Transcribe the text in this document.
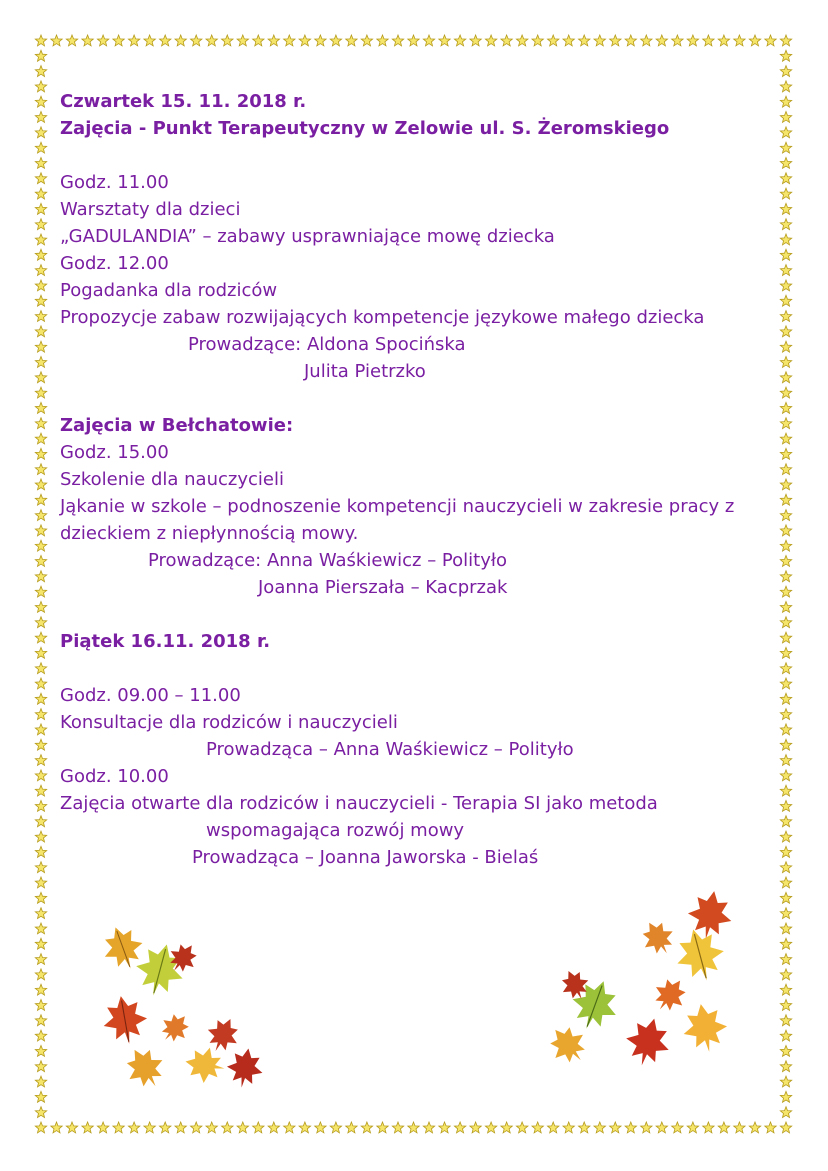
Czwartek 15. 11. 2018 r.
Zajęcia - Punkt Terapeutyczny w Zelowie ul. S. Żeromskiego
Godz. 11.00
Warsztaty dla dzieci
„GADULANDIA” – zabawy usprawniające mowę dziecka
Godz. 12.00
Pogadanka dla rodziców
Propozycje zabaw rozwijających kompetencje językowe małego dziecka
Prowadzące: Aldona Spocińska
Julita Pietrzko
Zajęcia w Bełchatowie:
Godz. 15.00
Szkolenie dla nauczycieli
Jąkanie w szkole – podnoszenie kompetencji nauczycieli w zakresie pracy z
dzieckiem z niepłynnością mowy.
Prowadzące: Anna Waśkiewicz – Polityło
Joanna Pierszała – Kacprzak
Piątek 16.11. 2018 r.
Godz. 09.00 – 11.00
Konsultacje dla rodziców i nauczycieli
Prowadząca – Anna Waśkiewicz – Polityło
Godz. 10.00
Zajęcia otwarte dla rodziców i nauczycieli - Terapia SI jako metoda
wspomagająca rozwój mowy
Prowadząca – Joanna Jaworska - Bielaś
